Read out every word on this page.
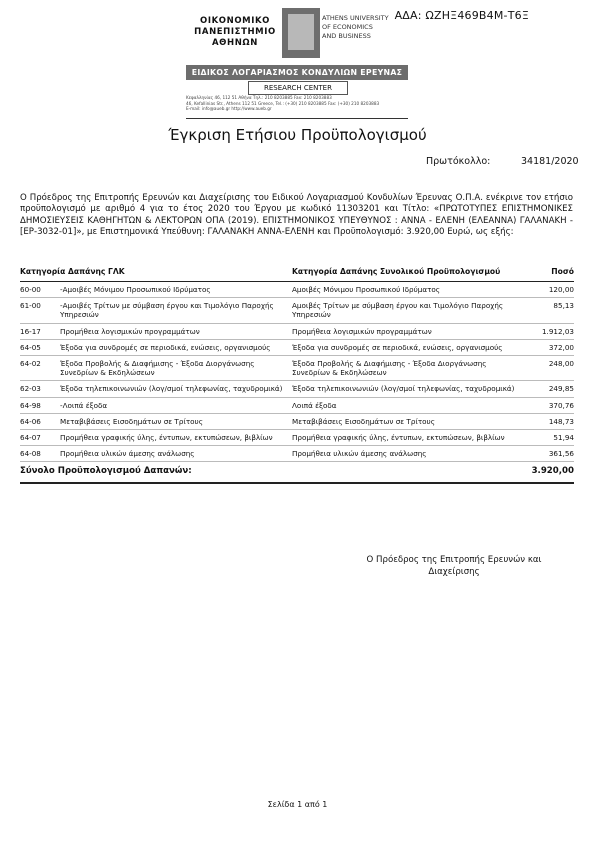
ΑΔΑ: ΩΖΗΞ469Β4Μ-Τ6Ξ
ΟΙΚΟΝΟΜΙΚΟ
ΠΑΝΕΠΙΣΤΗΜΙΟ
ΑΘΗΝΩΝ
ATHENS UNIVERSITY
OF ECONOMICS
AND BUSINESS
ΕΙΔΙΚΟΣ ΛΟΓΑΡΙΑΣΜΟΣ ΚΟΝΔΥΛΙΩΝ ΕΡΕΥΝΑΣ
RESEARCH CENTER
Κεφαλληνίας 46, 112 51 Αθήνα Τηλ.: 210 8203885 Fax: 210 8203883
46, Kefallinias Str., Athens 112 51 Greece, Tel.: (+30) 210 8203885 Fax: (+30) 210 8203883
E-mail: info@aueb.gr http://www.aueb.gr
Έγκριση Ετήσιου Προϋπολογισμού
Πρωτόκολλο:	34181/2020

Ο Πρόεδρος της Επιτροπής Ερευνών και Διαχείρισης του Ειδικού Λογαριασμού Κονδυλίων Έρευνας Ο.Π.Α. ενέκρινε τον ετήσιο προϋπολογισμό με αριθμό 4 για το έτος 2020 του Έργου με κωδικό 11303201 και Τίτλο: «ΠΡΩΤΟΤΥΠΕΣ ΕΠΙΣΤΗΜΟΝΙΚΕΣ ΔΗΜΟΣΙΕΥΣΕΙΣ ΚΑΘΗΓΗΤΩΝ & ΛΕΚΤΟΡΩΝ ΟΠΑ (2019). ΕΠΙΣΤΗΜΟΝΙΚΟΣ ΥΠΕΥΘΥΝΟΣ : ΑΝΝΑ - ΕΛΕΝΗ (ΕΛΕΑΝΝΑ) ΓΑΛΑΝΑΚΗ - [ΕΡ-3032-01]», με Επιστημονικά Υπεύθυνη: ΓΑΛΑΝΑΚΗ ΑΝΝΑ-ΕΛΕΝΗ και Προϋπολογισμό: 3.920,00 Ευρώ, ως εξής:

Κατηγορία Δαπάνης ΓΛΚ		Κατηγορία Δαπάνης Συνολικού Προϋπολογισμού	Ποσό
60-00	-Αμοιβές Μόνιμου Προσωπικού Ιδρύματος	Αμοιβές Μόνιμου Προσωπικού Ιδρύματος	120,00
61-00	-Αμοιβές Τρίτων με σύμβαση έργου και Τιμολόγιο Παροχής Υπηρεσιών	Αμοιβές Τρίτων με σύμβαση έργου και Τιμολόγιο Παροχής Υπηρεσιών	85,13
16-17	Προμήθεια λογισμικών προγραμμάτων	Προμήθεια λογισμικών προγραμμάτων	1.912,03
64-05	Έξοδα για συνδρομές σε περιοδικά, ενώσεις, οργανισμούς	Έξοδα για συνδρομές σε περιοδικά, ενώσεις, οργανισμούς	372,00
64-02	Έξοδα Προβολής & Διαφήμισης - Έξοδα Διοργάνωσης Συνεδρίων & Εκδηλώσεων	Έξοδα Προβολής & Διαφήμισης - Έξοδα Διοργάνωσης Συνεδρίων & Εκδηλώσεων	248,00
62-03	Έξοδα τηλεπικοινωνιών (λογ/σμοί τηλεφωνίας, ταχυδρομικά)	Έξοδα τηλεπικοινωνιών (λογ/σμοί τηλεφωνίας, ταχυδρομικά)	249,85
64-98	-Λοιπά έξοδα	Λοιπά έξοδα	370,76
64-06	Μεταβιβάσεις Εισοδημάτων σε Τρίτους	Μεταβιβάσεις Εισοδημάτων σε Τρίτους	148,73
64-07	Προμήθεια γραφικής ύλης, έντυπων, εκτυπώσεων, βιβλίων	Προμήθεια γραφικής ύλης, έντυπων, εκτυπώσεων, βιβλίων	51,94
64-08	Προμήθεια υλικών άμεσης ανάλωσης	Προμήθεια υλικών άμεσης ανάλωσης	361,56
Σύνολο Προϋπολογισμού Δαπανών:			3.920,00
Ο Πρόεδρος της Επιτροπής Ερευνών και Διαχείρισης
Σελίδα 1 από 1
